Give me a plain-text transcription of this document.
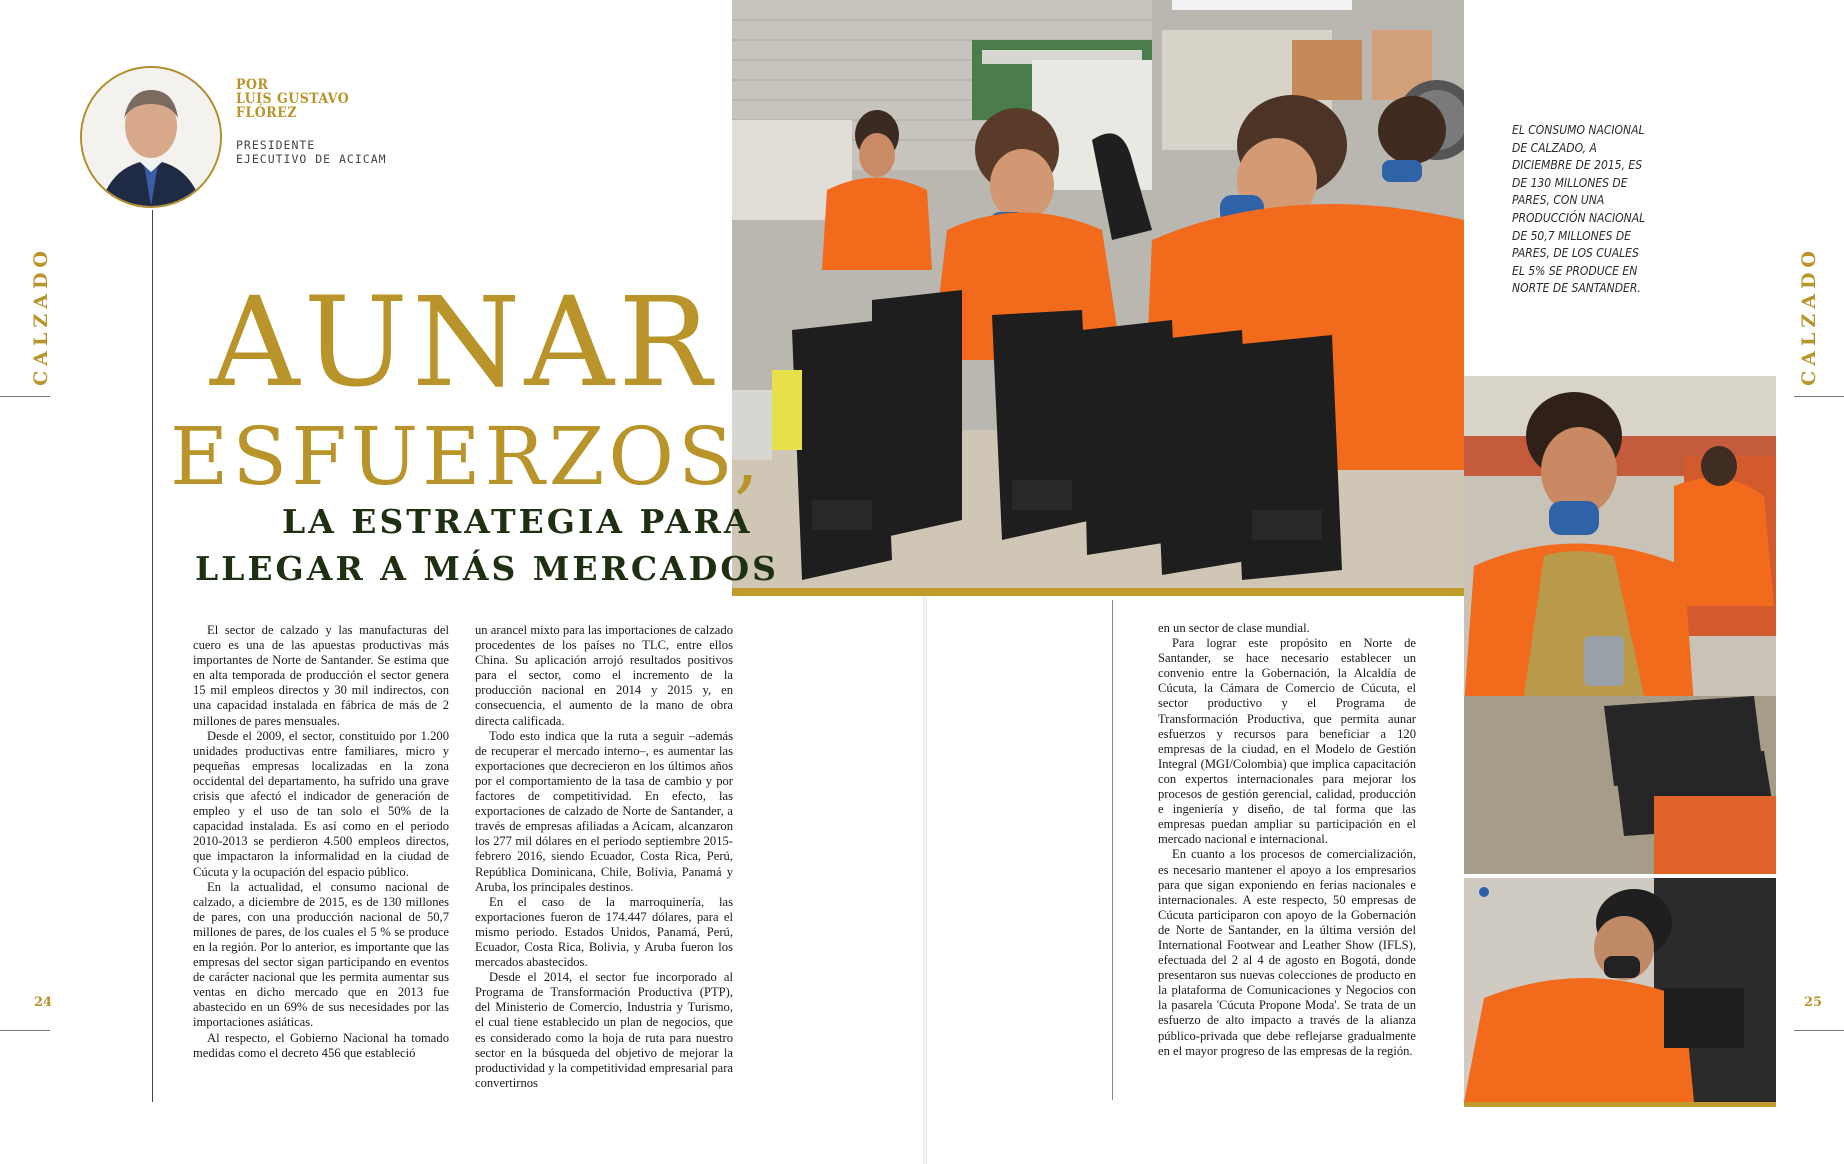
POR
LUIS GUSTAVO
FLÓREZ
PRESIDENTE
EJECUTIVO DE ACICAM
CALZADO	CALZADO
24	25
AUNAR
ESFUERZOS,
LA ESTRATEGIA PARA
LLEGAR A MÁS MERCADOS
EL CONSUMO NACIONAL DE CALZADO, A DICIEMBRE DE 2015, ES DE 130 MILLONES DE PARES, CON UNA PRODUCCIÓN NACIONAL DE 50,7 MILLONES DE PARES, DE LOS CUALES EL 5% SE PRODUCE EN NORTE DE SANTANDER.

El sector de calzado y las manufacturas del cuero es una de las apuestas productivas más importantes de Norte de Santander. Se estima que en alta temporada de producción el sector genera 15 mil empleos directos y 30 mil indirectos, con una capacidad instalada en fábrica de más de 2 millones de pares mensuales.

Desde el 2009, el sector, constituido por 1.200 unidades productivas entre familiares, micro y pequeñas empresas localizadas en la zona occidental del departamento, ha sufrido una grave crisis que afectó el indicador de generación de empleo y el uso de tan solo el 50% de la capacidad instalada. Es así como en el periodo 2010-2013 se perdieron 4.500 empleos directos, que impactaron la informalidad en la ciudad de Cúcuta y la ocupación del espacio público.

En la actualidad, el consumo nacional de calzado, a diciembre de 2015, es de 130 millones de pares, con una producción nacional de 50,7 millones de pares, de los cuales el 5 % se produce en la región. Por lo anterior, es importante que las empresas del sector sigan participando en eventos de carácter nacional que les permita aumentar sus ventas en dicho mercado que en 2013 fue abastecido en un 69% de sus necesidades por las importaciones asiáticas.

Al respecto, el Gobierno Nacional ha tomado medidas como el decreto 456 que estableció

un arancel mixto para las importaciones de calzado procedentes de los países no TLC, entre ellos China. Su aplicación arrojó resultados positivos para el sector, como el incremento de la producción nacional en 2014 y 2015 y, en consecuencia, el aumento de la mano de obra directa calificada.

Todo esto indica que la ruta a seguir –además de recuperar el mercado interno–, es aumentar las exportaciones que decrecieron en los últimos años por el comportamiento de la tasa de cambio y por factores de competitividad. En efecto, las exportaciones de calzado de Norte de Santander, a través de empresas afiliadas a Acicam, alcanzaron los 277 mil dólares en el periodo septiembre 2015-febrero 2016, siendo Ecuador, Costa Rica, Perú, República Dominicana, Chile, Bolivia, Panamá y Aruba, los principales destinos.

En el caso de la marroquinería, las exportaciones fueron de 174.447 dólares, para el mismo periodo. Estados Unidos, Panamá, Perú, Ecuador, Costa Rica, Bolivia, y Aruba fueron los mercados abastecidos.

Desde el 2014, el sector fue incorporado al Programa de Transformación Productiva (PTP), del Ministerio de Comercio, Industria y Turismo, el cual tiene establecido un plan de negocios, que es considerado como la hoja de ruta para nuestro sector en la búsqueda del objetivo de mejorar la productividad y la competitividad empresarial para convertirnos

en un sector de clase mundial.

Para lograr este propósito en Norte de Santander, se hace necesario establecer un convenio entre la Gobernación, la Alcaldía de Cúcuta, la Cámara de Comercio de Cúcuta, el sector productivo y el Programa de Transformación Productiva, que permita aunar esfuerzos y recursos para beneficiar a 120 empresas de la ciudad, en el Modelo de Gestión Integral (MGI/Colombia) que implica capacitación con expertos internacionales para mejorar los procesos de gestión gerencial, calidad, producción e ingeniería y diseño, de tal forma que las empresas puedan ampliar su participación en el mercado nacional e internacional.

En cuanto a los procesos de comercialización, es necesario mantener el apoyo a los empresarios para que sigan exponiendo en ferias nacionales e internacionales. A este respecto, 50 empresas de Cúcuta participaron con apoyo de la Gobernación de Norte de Santander, en la última versión del International Footwear and Leather Show (IFLS), efectuada del 2 al 4 de agosto en Bogotá, donde presentaron sus nuevas colecciones de producto en la plataforma de Comunicaciones y Negocios con la pasarela 'Cúcuta Propone Moda'. Se trata de un esfuerzo de alto impacto a través de la alianza público-privada que debe reflejarse gradualmente en el mayor progreso de las empresas de la región.
